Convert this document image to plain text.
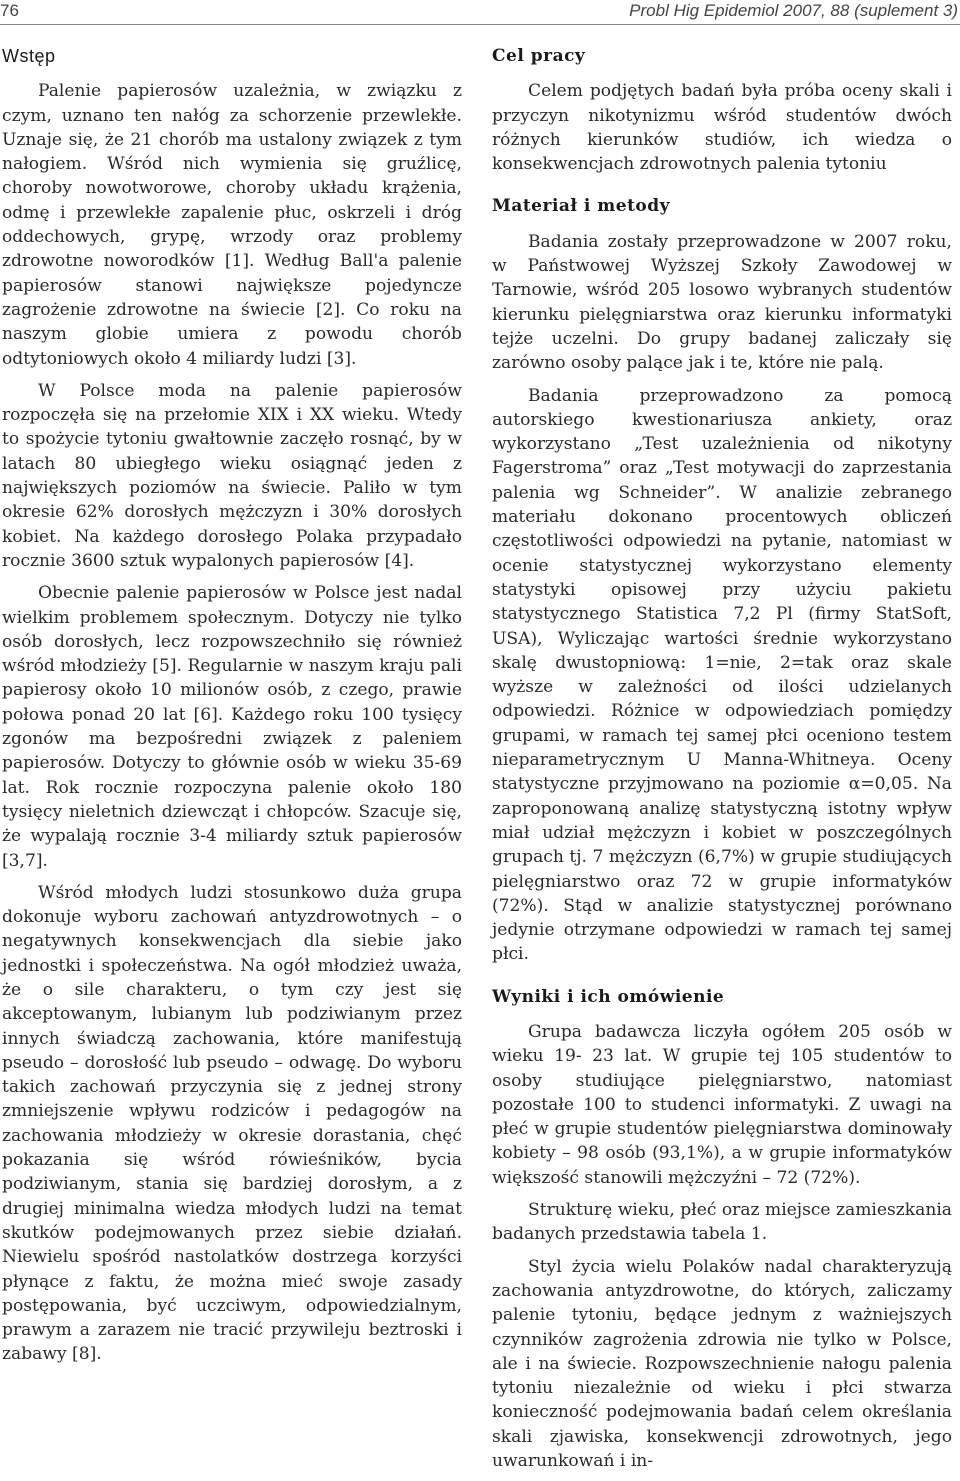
76	Probl Hig Epidemiol 2007, 88 (suplement 3)
Wstęp

Palenie papierosów uzależnia, w związku z czym, uznano ten nałóg za schorzenie przewlekłe. Uznaje się, że 21 chorób ma ustalony związek z tym nałogiem. Wśród nich wymienia się gruźlicę, choroby nowotworowe, choroby układu krążenia, odmę i przewlekłe zapalenie płuc, oskrzeli i dróg oddechowych, grypę, wrzody oraz problemy zdrowotne noworodków [1]. Według Ball'a palenie papierosów stanowi największe pojedyncze zagrożenie zdrowotne na świecie [2]. Co roku na naszym globie umiera z powodu chorób odtytoniowych około 4 miliardy ludzi [3].

W Polsce moda na palenie papierosów rozpoczęła się na przełomie XIX i XX wieku. Wtedy to spożycie tytoniu gwałtownie zaczęło rosnąć, by w latach 80 ubiegłego wieku osiągnąć jeden z największych poziomów na świecie. Paliło w tym okresie 62% dorosłych mężczyzn i 30% dorosłych kobiet. Na każdego dorosłego Polaka przypadało rocznie 3600 sztuk wypalonych papierosów [4].

Obecnie palenie papierosów w Polsce jest nadal wielkim problemem społecznym. Dotyczy nie tylko osób dorosłych, lecz rozpowszechniło się również wśród młodzieży [5]. Regularnie w naszym kraju pali papierosy około 10 milionów osób, z czego, prawie połowa ponad 20 lat [6]. Każdego roku 100 tysięcy zgonów ma bezpośredni związek z paleniem papierosów. Dotyczy to głównie osób w wieku 35-69 lat. Rok rocznie rozpoczyna palenie około 180 tysięcy nieletnich dziewcząt i chłopców. Szacuje się, że wypalają rocznie 3-4 miliardy sztuk papierosów [3,7].

Wśród młodych ludzi stosunkowo duża grupa dokonuje wyboru zachowań antyzdrowotnych – o negatywnych konsekwencjach dla siebie jako jednostki i społeczeństwa. Na ogół młodzież uważa, że o sile charakteru, o tym czy jest się akceptowanym, lubianym lub podziwianym przez innych świadczą zachowania, które manifestują pseudo – dorosłość lub pseudo – odwagę. Do wyboru takich zachowań przyczynia się z jednej strony zmniejszenie wpływu rodziców i pedagogów na zachowania młodzieży w okresie dorastania, chęć pokazania się wśród rówieśników, bycia podziwianym, stania się bardziej dorosłym, a z drugiej minimalna wiedza młodych ludzi na temat skutków podejmowanych przez siebie działań. Niewielu spośród nastolatków dostrzega korzyści płynące z faktu, że można mieć swoje zasady postępowania, być uczciwym, odpowiedzialnym, prawym a zarazem nie tracić przywileju beztroski i zabawy [8].

Cel pracy

Celem podjętych badań była próba oceny skali i przyczyn nikotynizmu wśród studentów dwóch różnych kierunków studiów, ich wiedza o konsekwencjach zdrowotnych palenia tytoniu

Materiał i metody

Badania zostały przeprowadzone w 2007 roku, w Państwowej Wyższej Szkoły Zawodowej w Tarnowie, wśród 205 losowo wybranych studentów kierunku pielęgniarstwa oraz kierunku informatyki tejże uczelni. Do grupy badanej zaliczały się zarówno osoby palące jak i te, które nie palą.

Badania przeprowadzono za pomocą autorskiego kwestionariusza ankiety, oraz wykorzystano „Test uzależnienia od nikotyny Fagerstroma” oraz „Test motywacji do zaprzestania palenia wg Schneider”. W analizie zebranego materiału dokonano procentowych obliczeń częstotliwości odpowiedzi na pytanie, natomiast w ocenie statystycznej wykorzystano elementy statystyki opisowej przy użyciu pakietu statystycznego Statistica 7,2 Pl (firmy StatSoft, USA), Wyliczając wartości średnie wykorzystano skalę dwustopniową: 1=nie, 2=tak oraz skale wyższe w zależności od ilości udzielanych odpowiedzi. Różnice w odpowiedziach pomiędzy grupami, w ramach tej samej płci oceniono testem nieparametrycznym U Manna-Whitneya. Oceny statystyczne przyjmowano na poziomie α=0,05. Na zaproponowaną analizę statystyczną istotny wpływ miał udział mężczyzn i kobiet w poszczególnych grupach tj. 7 mężczyzn (6,7%) w grupie studiujących pielęgniarstwo oraz 72 w grupie informatyków (72%). Stąd w analizie statystycznej porównano jedynie otrzymane odpowiedzi w ramach tej samej płci.

Wyniki i ich omówienie

Grupa badawcza liczyła ogółem 205 osób w wieku 19- 23 lat. W grupie tej 105 studentów to osoby studiujące pielęgniarstwo, natomiast pozostałe 100 to studenci informatyki. Z uwagi na płeć w grupie studentów pielęgniarstwa dominowały kobiety – 98 osób (93,1%), a w grupie informatyków większość stanowili mężczyźni – 72 (72%).

Strukturę wieku, płeć oraz miejsce zamieszkania badanych przedstawia tabela 1.

Styl życia wielu Polaków nadal charakteryzują zachowania antyzdrowotne, do których, zaliczamy palenie tytoniu, będące jednym z ważniejszych czynników zagrożenia zdrowia nie tylko w Polsce, ale i na świecie. Rozpowszechnienie nałogu palenia tytoniu niezależnie od wieku i płci stwarza konieczność podejmowania badań celem określania skali zjawiska, konsekwencji zdrowotnych, jego uwarunkowań i in-
